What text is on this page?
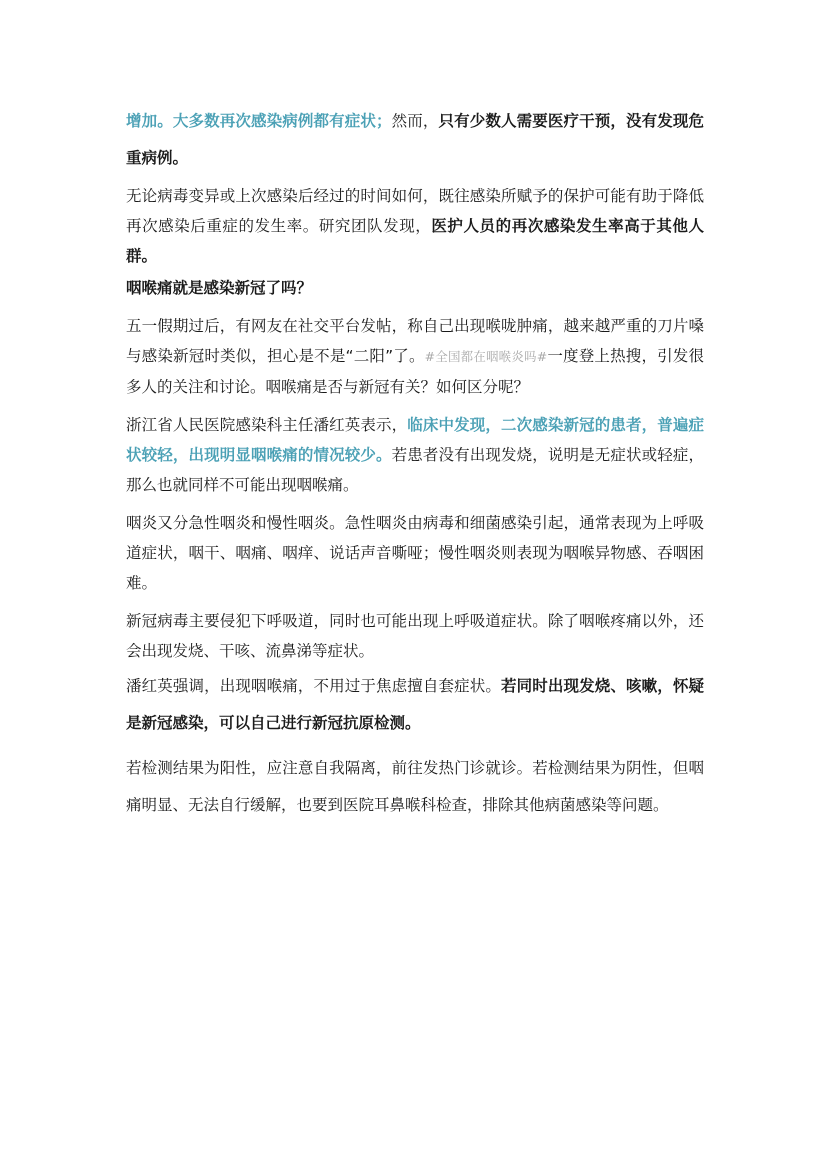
增加。大多数再次感染病例都有症状；然而，只有少数人需要医疗干预，没有发现危重病例。

无论病毒变异或上次感染后经过的时间如何，既往感染所赋予的保护可能有助于降低再次感染后重症的发生率。研究团队发现，医护人员的再次感染发生率高于其他人群。

咽喉痛就是感染新冠了吗？

五一假期过后，有网友在社交平台发帖，称自己出现喉咙肿痛，越来越严重的刀片嗓与感染新冠时类似，担心是不是“二阳”了。#全国都在咽喉炎吗#一度登上热搜，引发很多人的关注和讨论。咽喉痛是否与新冠有关？如何区分呢？

浙江省人民医院感染科主任潘红英表示，临床中发现，二次感染新冠的患者，普遍症状较轻，出现明显咽喉痛的情况较少。若患者没有出现发烧，说明是无症状或轻症，那么也就同样不可能出现咽喉痛。

咽炎又分急性咽炎和慢性咽炎。急性咽炎由病毒和细菌感染引起，通常表现为上呼吸道症状，咽干、咽痛、咽痒、说话声音嘶哑；慢性咽炎则表现为咽喉异物感、吞咽困难。

新冠病毒主要侵犯下呼吸道，同时也可能出现上呼吸道症状。除了咽喉疼痛以外，还会出现发烧、干咳、流鼻涕等症状。

潘红英强调，出现咽喉痛，不用过于焦虑擅自套症状。若同时出现发烧、咳嗽，怀疑是新冠感染，可以自己进行新冠抗原检测。

若检测结果为阳性，应注意自我隔离，前往发热门诊就诊。若检测结果为阴性，但咽痛明显、无法自行缓解，也要到医院耳鼻喉科检查，排除其他病菌感染等问题。
